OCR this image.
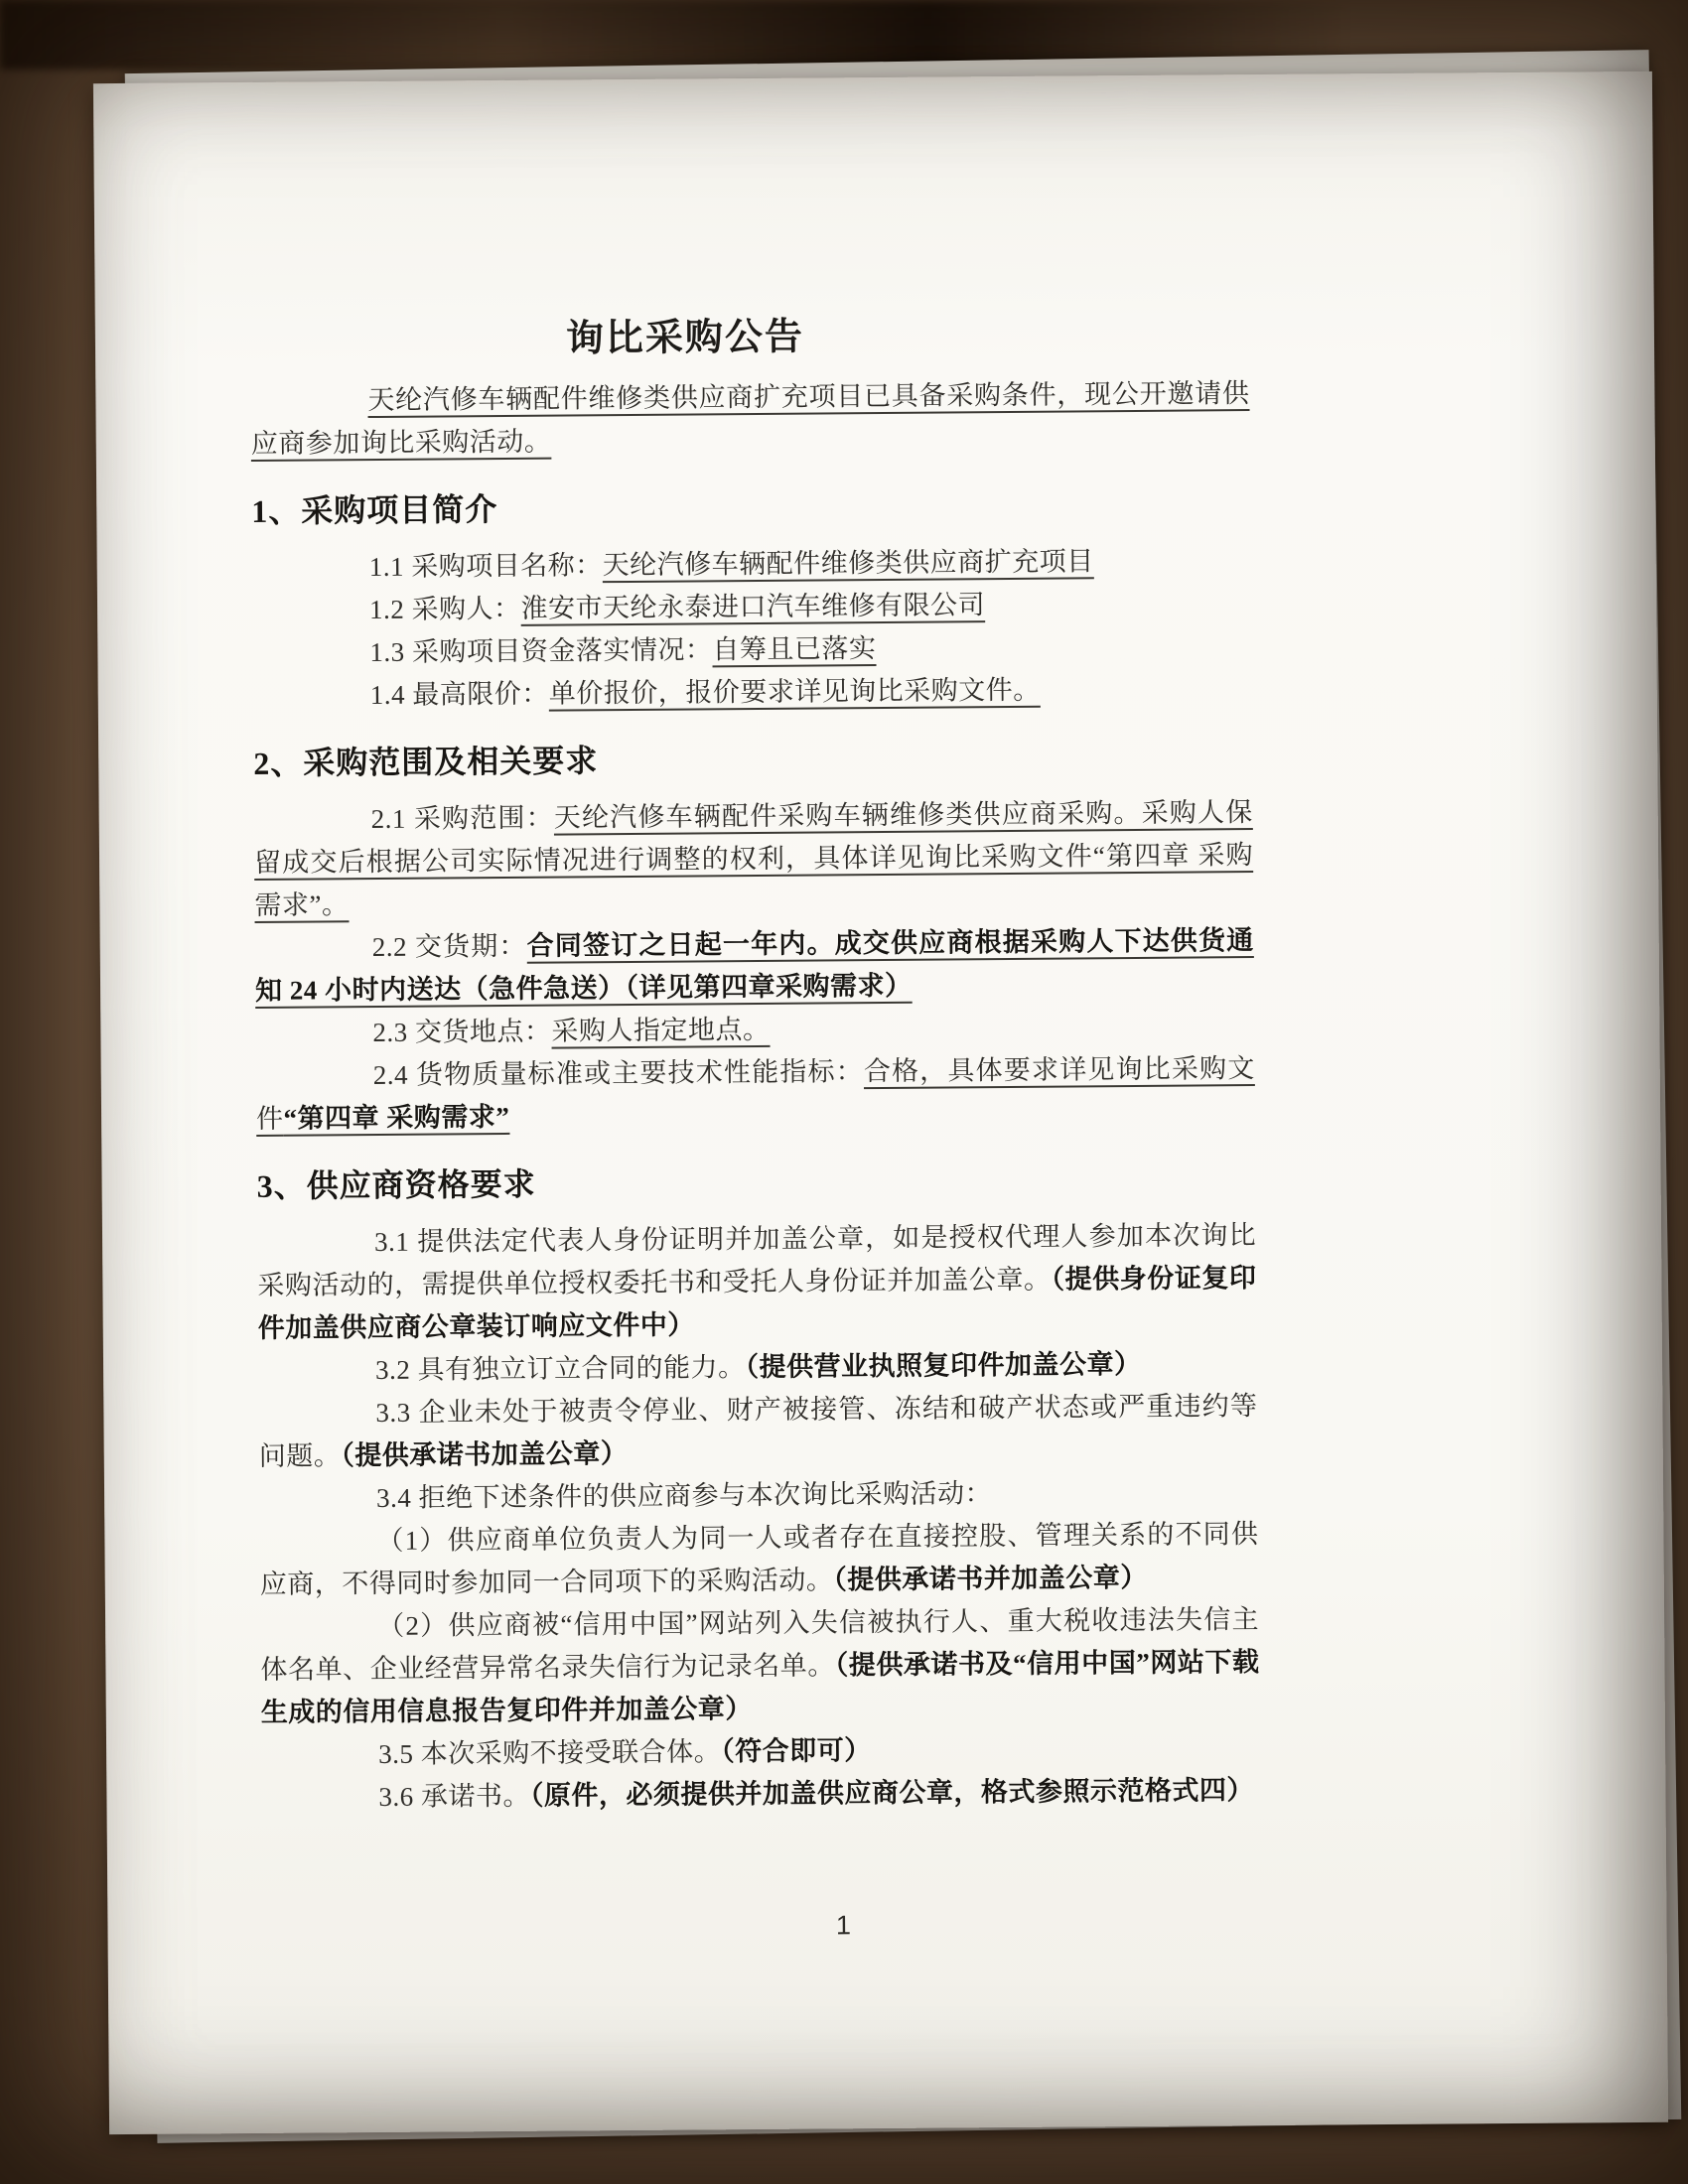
询比采购公告
天纶汽修车辆配件维修类供应商扩充项目已具备采购条件，现公开邀请供应商参加询比采购活动。
1、采购项目简介
1.1 采购项目名称：天纶汽修车辆配件维修类供应商扩充项目
1.2 采购人：淮安市天纶永泰进口汽车维修有限公司
1.3 采购项目资金落实情况：自筹且已落实
1.4 最高限价：单价报价，报价要求详见询比采购文件。
2、采购范围及相关要求
2.1 采购范围：天纶汽修车辆配件采购车辆维修类供应商采购。采购人保留成交后根据公司实际情况进行调整的权利，具体详见询比采购文件“第四章 采购需求”。
2.2 交货期：合同签订之日起一年内。成交供应商根据采购人下达供货通知 24 小时内送达（急件急送）（详见第四章采购需求）
2.3 交货地点：采购人指定地点。
2.4 货物质量标准或主要技术性能指标：合格，具体要求详见询比采购文件“第四章 采购需求”
3、供应商资格要求
3.1 提供法定代表人身份证明并加盖公章，如是授权代理人参加本次询比采购活动的，需提供单位授权委托书和受托人身份证并加盖公章。（提供身份证复印件加盖供应商公章装订响应文件中）
3.2 具有独立订立合同的能力。（提供营业执照复印件加盖公章）
3.3 企业未处于被责令停业、财产被接管、冻结和破产状态或严重违约等问题。（提供承诺书加盖公章）
3.4 拒绝下述条件的供应商参与本次询比采购活动：
（1）供应商单位负责人为同一人或者存在直接控股、管理关系的不同供应商，不得同时参加同一合同项下的采购活动。（提供承诺书并加盖公章）
（2）供应商被“信用中国”网站列入失信被执行人、重大税收违法失信主体名单、企业经营异常名录失信行为记录名单。（提供承诺书及“信用中国”网站下载生成的信用信息报告复印件并加盖公章）
3.5 本次采购不接受联合体。（符合即可）
3.6 承诺书。（原件，必须提供并加盖供应商公章，格式参照示范格式四）
1
